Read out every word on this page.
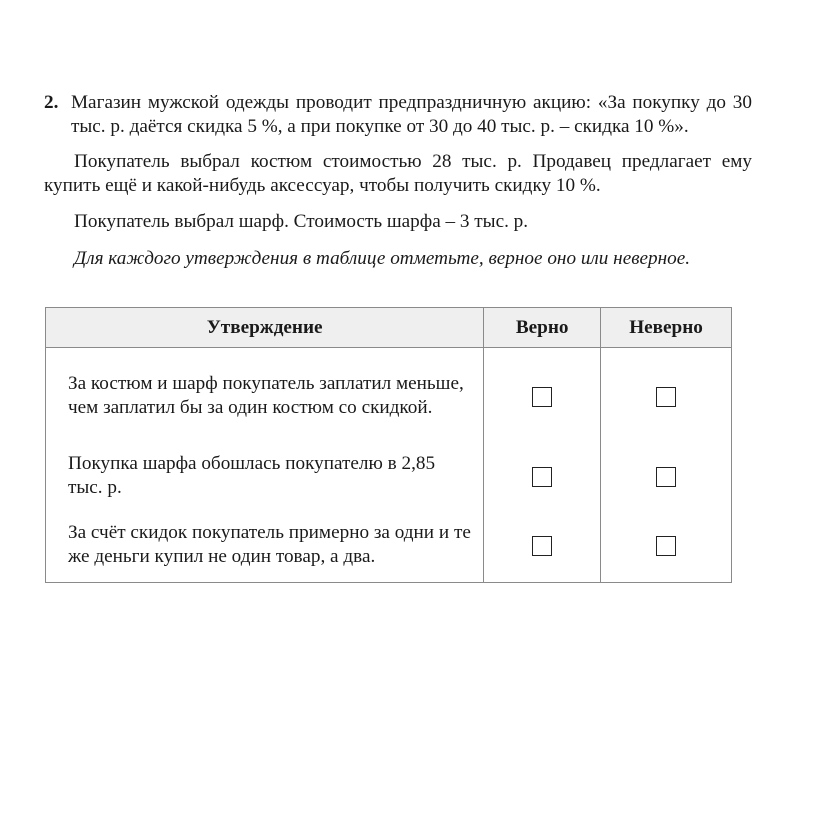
2. Магазин мужской одежды проводит предпраздничную акцию: «За покупку до 30 тыс. р. даётся скидка 5 %, а при покупке от 30 до 40 тыс. р. – скидка 10 %».
Покупатель выбрал костюм стоимостью 28 тыс. р. Продавец предлагает ему купить ещё и какой-нибудь аксессуар, чтобы получить скидку 10 %.
Покупатель выбрал шарф. Стоимость шарфа – 3 тыс. р.
Для каждого утверждения в таблице отметьте, верное оно или неверное.
Утверждение	Верно	Неверно
За костюм и шарф покупатель заплатил меньше, чем заплатил бы за один костюм со скидкой.		
Покупка шарфа обошлась покупателю в 2,85 тыс. р.		
За счёт скидок покупатель примерно за одни и те же деньги купил не один товар, а два.		
